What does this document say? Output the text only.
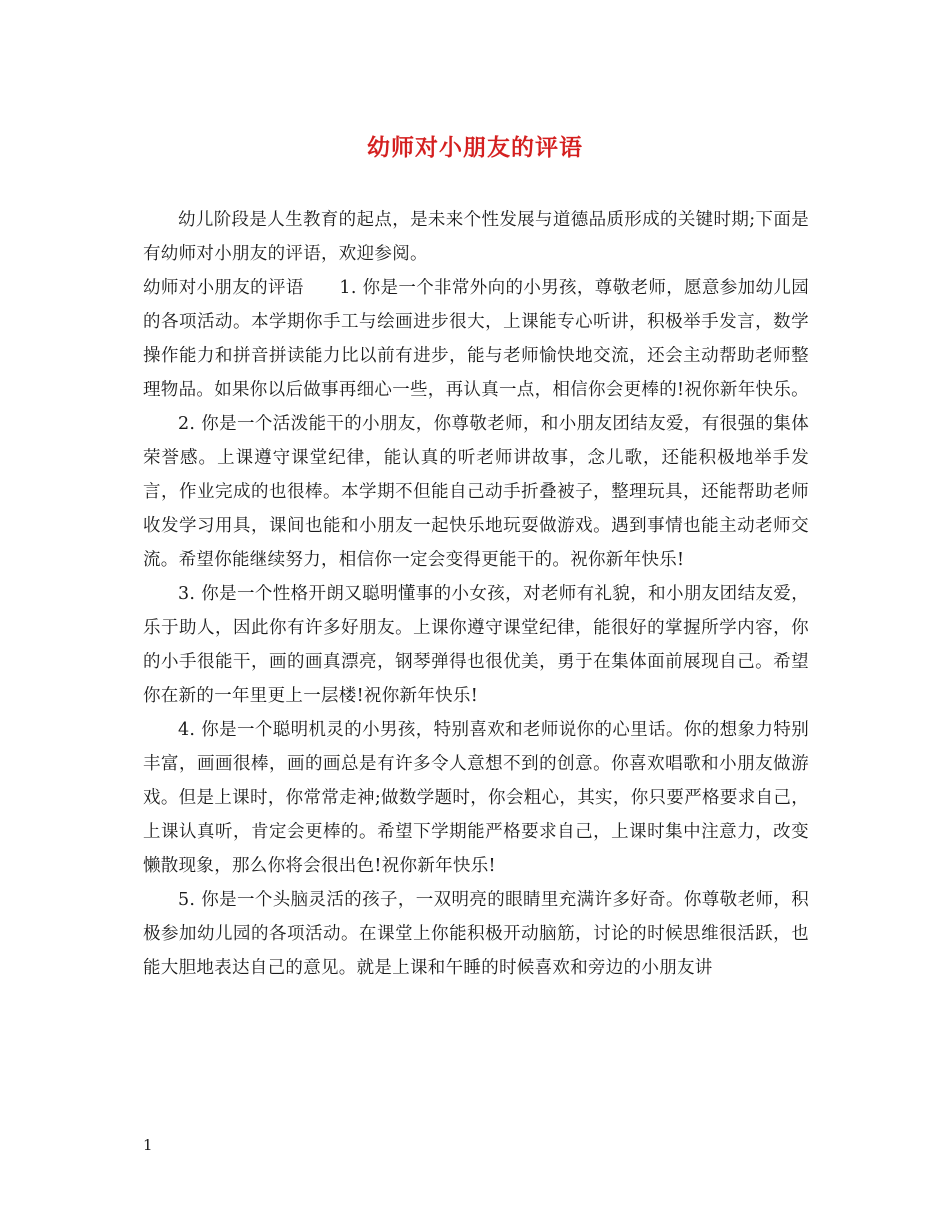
幼师对小朋友的评语

幼儿阶段是人生教育的起点，是未来个性发展与道德品质形成的关键时期;下面是有幼师对小朋友的评语，欢迎参阅。

幼师对小朋友的评语　　1. 你是一个非常外向的小男孩，尊敬老师，愿意参加幼儿园的各项活动。本学期你手工与绘画进步很大，上课能专心听讲，积极举手发言，数学操作能力和拼音拼读能力比以前有进步，能与老师愉快地交流，还会主动帮助老师整理物品。如果你以后做事再细心一些，再认真一点，相信你会更棒的!祝你新年快乐。

2. 你是一个活泼能干的小朋友，你尊敬老师，和小朋友团结友爱，有很强的集体荣誉感。上课遵守课堂纪律，能认真的听老师讲故事，念儿歌，还能积极地举手发言，作业完成的也很棒。本学期不但能自己动手折叠被子，整理玩具，还能帮助老师收发学习用具，课间也能和小朋友一起快乐地玩耍做游戏。遇到事情也能主动老师交流。希望你能继续努力，相信你一定会变得更能干的。祝你新年快乐!

3. 你是一个性格开朗又聪明懂事的小女孩，对老师有礼貌，和小朋友团结友爱，乐于助人，因此你有许多好朋友。上课你遵守课堂纪律，能很好的掌握所学内容，你的小手很能干，画的画真漂亮，钢琴弹得也很优美，勇于在集体面前展现自己。希望你在新的一年里更上一层楼!祝你新年快乐!

4. 你是一个聪明机灵的小男孩，特别喜欢和老师说你的心里话。你的想象力特别丰富，画画很棒，画的画总是有许多令人意想不到的创意。你喜欢唱歌和小朋友做游戏。但是上课时，你常常走神;做数学题时，你会粗心，其实，你只要严格要求自己，上课认真听，肯定会更棒的。希望下学期能严格要求自己，上课时集中注意力，改变懒散现象，那么你将会很出色!祝你新年快乐!

5. 你是一个头脑灵活的孩子，一双明亮的眼睛里充满许多好奇。你尊敬老师，积极参加幼儿园的各项活动。在课堂上你能积极开动脑筋，讨论的时候思维很活跃，也能大胆地表达自己的意见。就是上课和午睡的时候喜欢和旁边的小朋友讲

1
